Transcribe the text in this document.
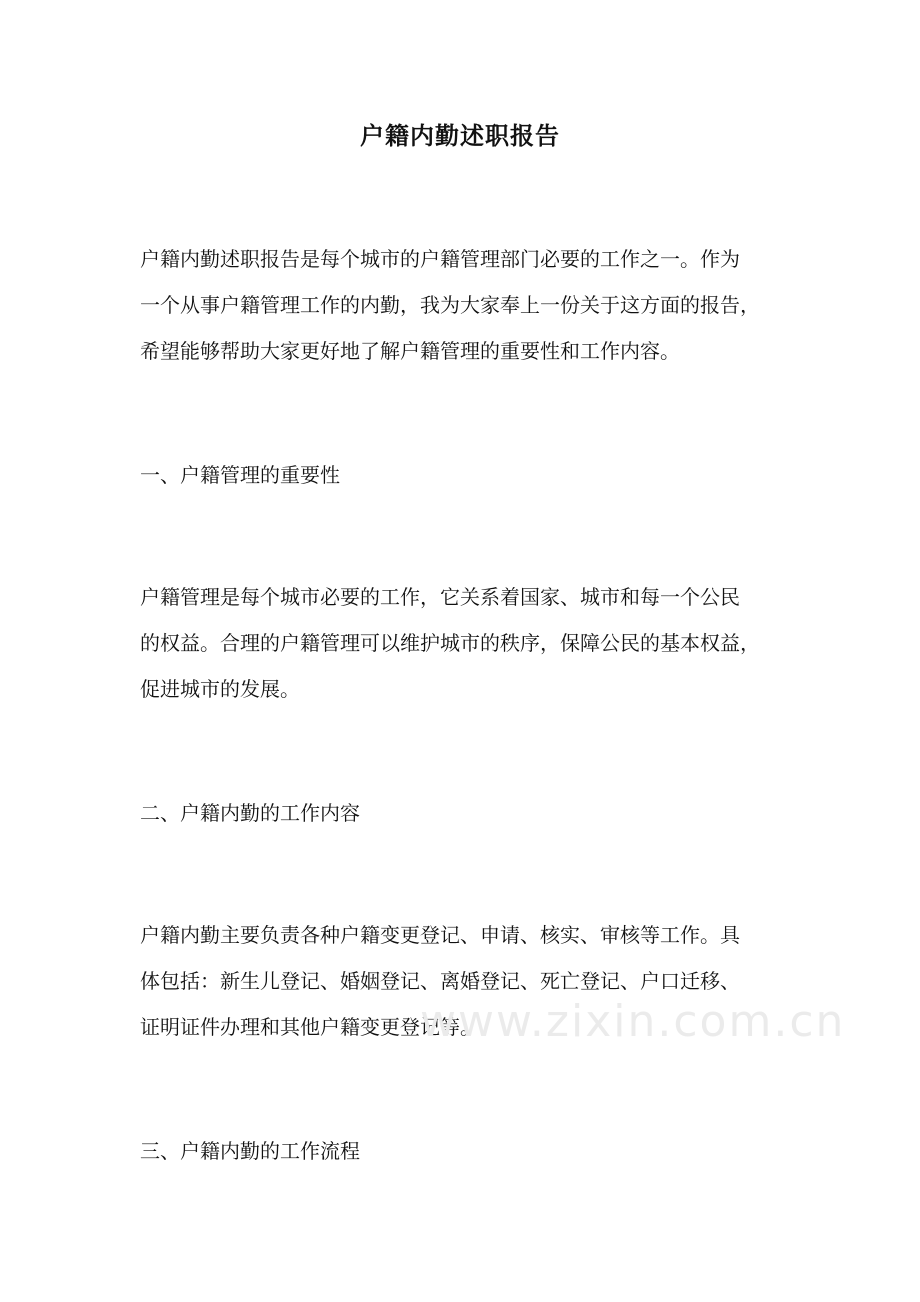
户籍内勤述职报告
户籍内勤述职报告是每个城市的户籍管理部门必要的工作之一。作为
一个从事户籍管理工作的内勤，我为大家奉上一份关于这方面的报告，
希望能够帮助大家更好地了解户籍管理的重要性和工作内容。
一、户籍管理的重要性
户籍管理是每个城市必要的工作，它关系着国家、城市和每一个公民
的权益。合理的户籍管理可以维护城市的秩序，保障公民的基本权益，
促进城市的发展。
二、户籍内勤的工作内容
户籍内勤主要负责各种户籍变更登记、申请、核实、审核等工作。具
体包括：新生儿登记、婚姻登记、离婚登记、死亡登记、户口迁移、
证明证件办理和其他户籍变更登记等。
www.zixin.com.cn
三、户籍内勤的工作流程
